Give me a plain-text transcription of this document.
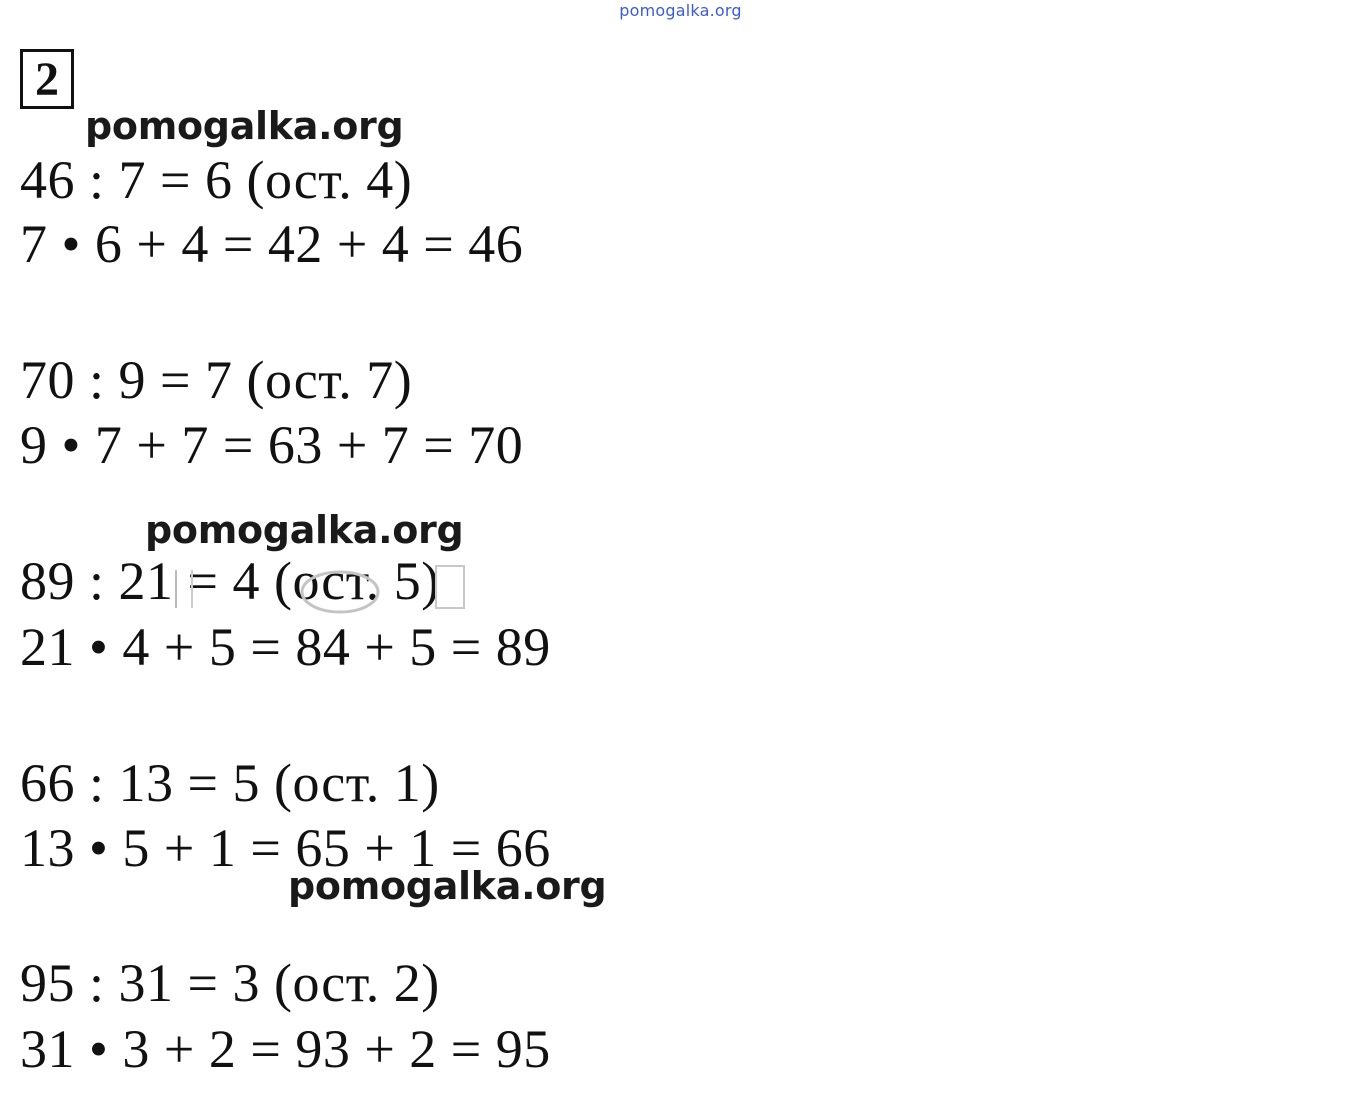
pomogalka.org
2
pomogalka.org
46 : 7 = 6 (ост. 4)
7 • 6 + 4 = 42 + 4 = 46
70 : 9 = 7 (ост. 7)
9 • 7 + 7 = 63 + 7 = 70
pomogalka.org
89 : 21 = 4 (ост. 5)
21 • 4 + 5 = 84 + 5 = 89
66 : 13 = 5 (ост. 1)
13 • 5 + 1 = 65 + 1 = 66
pomogalka.org
95 : 31 = 3 (ост. 2)
31 • 3 + 2 = 93 + 2 = 95
